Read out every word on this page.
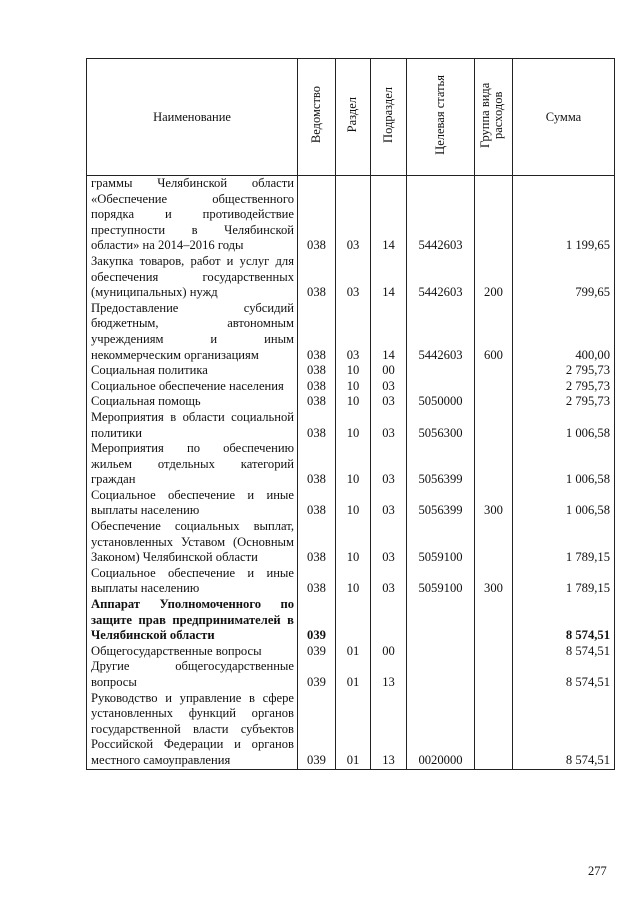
Наименование	Ведомство	Раздел	Подраздел	Целевая статья	Группа вида расходов	Сумма
граммы Челябинской области «Обеспечение общественного порядка и противодействие преступности в Челябинской области» на 2014–2016 годы	038	03	14	5442603		1 199,65
Закупка товаров, работ и услуг для обеспечения государственных (муниципальных) нужд	038	03	14	5442603	200	799,65
Предоставление субсидий бюджетным, автономным учреждениям и иным некоммерческим организациям	038	03	14	5442603	600	400,00
Социальная политика	038	10	00			2 795,73
Социальное обеспечение населения	038	10	03			2 795,73
Социальная помощь	038	10	03	5050000		2 795,73
Мероприятия в области социальной политики	038	10	03	5056300		1 006,58
Мероприятия по обеспечению жильем отдельных категорий граждан	038	10	03	5056399		1 006,58
Социальное обеспечение и иные выплаты населению	038	10	03	5056399	300	1 006,58
Обеспечение социальных выплат, установленных Уставом (Основным Законом) Челябинской области	038	10	03	5059100		1 789,15
Социальное обеспечение и иные выплаты населению	038	10	03	5059100	300	1 789,15
Аппарат Уполномоченного по защите прав предпринимателей в Челябинской области	039					8 574,51
Общегосударственные вопросы	039	01	00			8 574,51
Другие общегосударственные вопросы	039	01	13			8 574,51
Руководство и управление в сфере установленных функций органов государственной власти субъектов Российской Федерации и органов местного самоуправления	039	01	13	0020000		8 574,51
277
